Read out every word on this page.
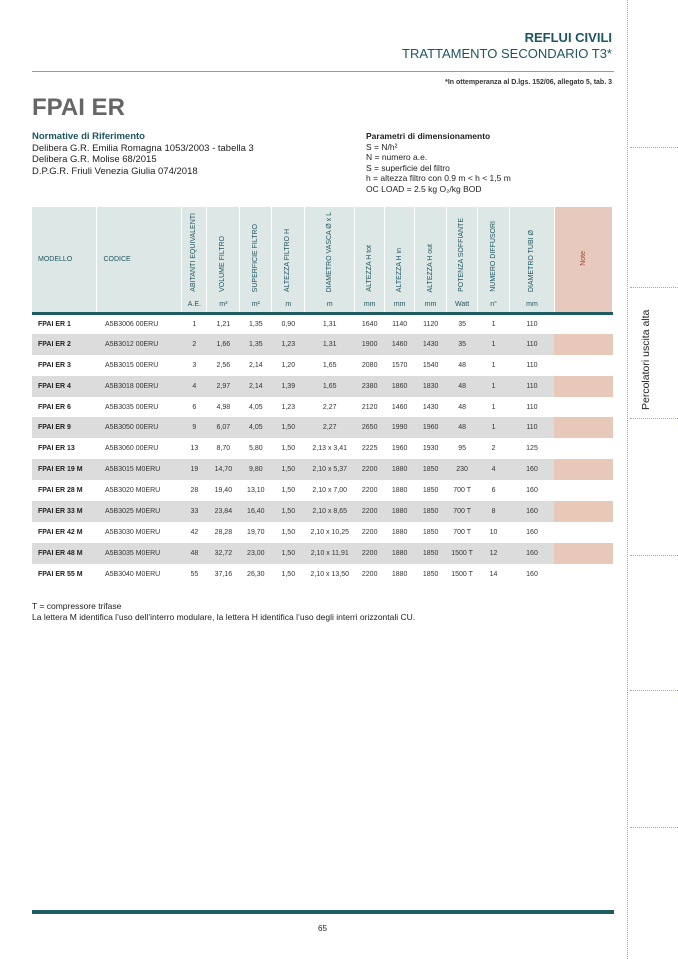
REFLUI CIVILI
TRATTAMENTO SECONDARIO T3*
*In ottemperanza al D.lgs. 152/06, allegato 5, tab. 3
FPAI ER
Normative di Riferimento
Delibera G.R. Emilia Romagna 1053/2003 - tabella 3
Delibera G.R. Molise 68/2015
D.P.G.R. Friuli Venezia Giulia 074/2018
Parametri di dimensionamento
S = N/h²
N = numero a.e.
S = superficie del filtro
h = altezza filtro con 0.9 m < h < 1,5 m
OC LOAD = 2.5 kg O₂/kg BOD
Percolatori uscita alta
MODELLO	CODICE	ABITANTI EQUIVALENTI	VOLUME FILTRO	SUPERFICIE FILTRO	ALTEZZA FILTRO H	DIAMETRO VASCA Ø x L	ALTEZZA H tot	ALTEZZA H in	ALTEZZA H out	POTENZA SOFFIANTE	NUMERO DIFFUSORI	DIAMETRO TUBI Ø	Note
		A.E.	m³	m²	m	m	mm	mm	mm	Watt	n°	mm	
FPAI ER 1	A5B3006 00ERU	1	1,21	1,35	0,90	1,31	1640	1140	1120	35	1	110	
FPAI ER 2	A5B3012 00ERU	2	1,66	1,35	1,23	1,31	1900	1460	1430	35	1	110	
FPAI ER 3	A5B3015 00ERU	3	2,56	2,14	1,20	1,65	2080	1570	1540	48	1	110	
FPAI ER 4	A5B3018 00ERU	4	2,97	2,14	1,39	1,65	2380	1860	1830	48	1	110	
FPAI ER 6	A5B3035 00ERU	6	4,98	4,05	1,23	2,27	2120	1460	1430	48	1	110	
FPAI ER 9	A5B3050 00ERU	9	6,07	4,05	1,50	2,27	2650	1990	1960	48	1	110	
FPAI ER 13	A5B3060 00ERU	13	8,70	5,80	1,50	2,13 x 3,41	2225	1960	1930	95	2	125	
FPAI ER 19 M	A5B3015 M0ERU	19	14,70	9,80	1,50	2,10 x 5,37	2200	1880	1850	230	4	160	
FPAI ER 28 M	A5B3020 M0ERU	28	19,40	13,10	1,50	2,10 x 7,00	2200	1880	1850	700 T	6	160	
FPAI ER 33 M	A5B3025 M0ERU	33	23,84	16,40	1,50	2,10 x 8,65	2200	1880	1850	700 T	8	160	
FPAI ER 42 M	A5B3030 M0ERU	42	28,28	19,70	1,50	2,10 x 10,25	2200	1880	1850	700 T	10	160	
FPAI ER 48 M	A5B3035 M0ERU	48	32,72	23,00	1,50	2,10 x 11,91	2200	1880	1850	1500 T	12	160	
FPAI ER 55 M	A5B3040 M0ERU	55	37,16	26,30	1,50	2,10 x 13,50	2200	1880	1850	1500 T	14	160	
T = compressore trifase
La lettera M identifica l’uso dell’interro modulare, la lettera H identifica l’uso degli interri orizzontali CU.
65
